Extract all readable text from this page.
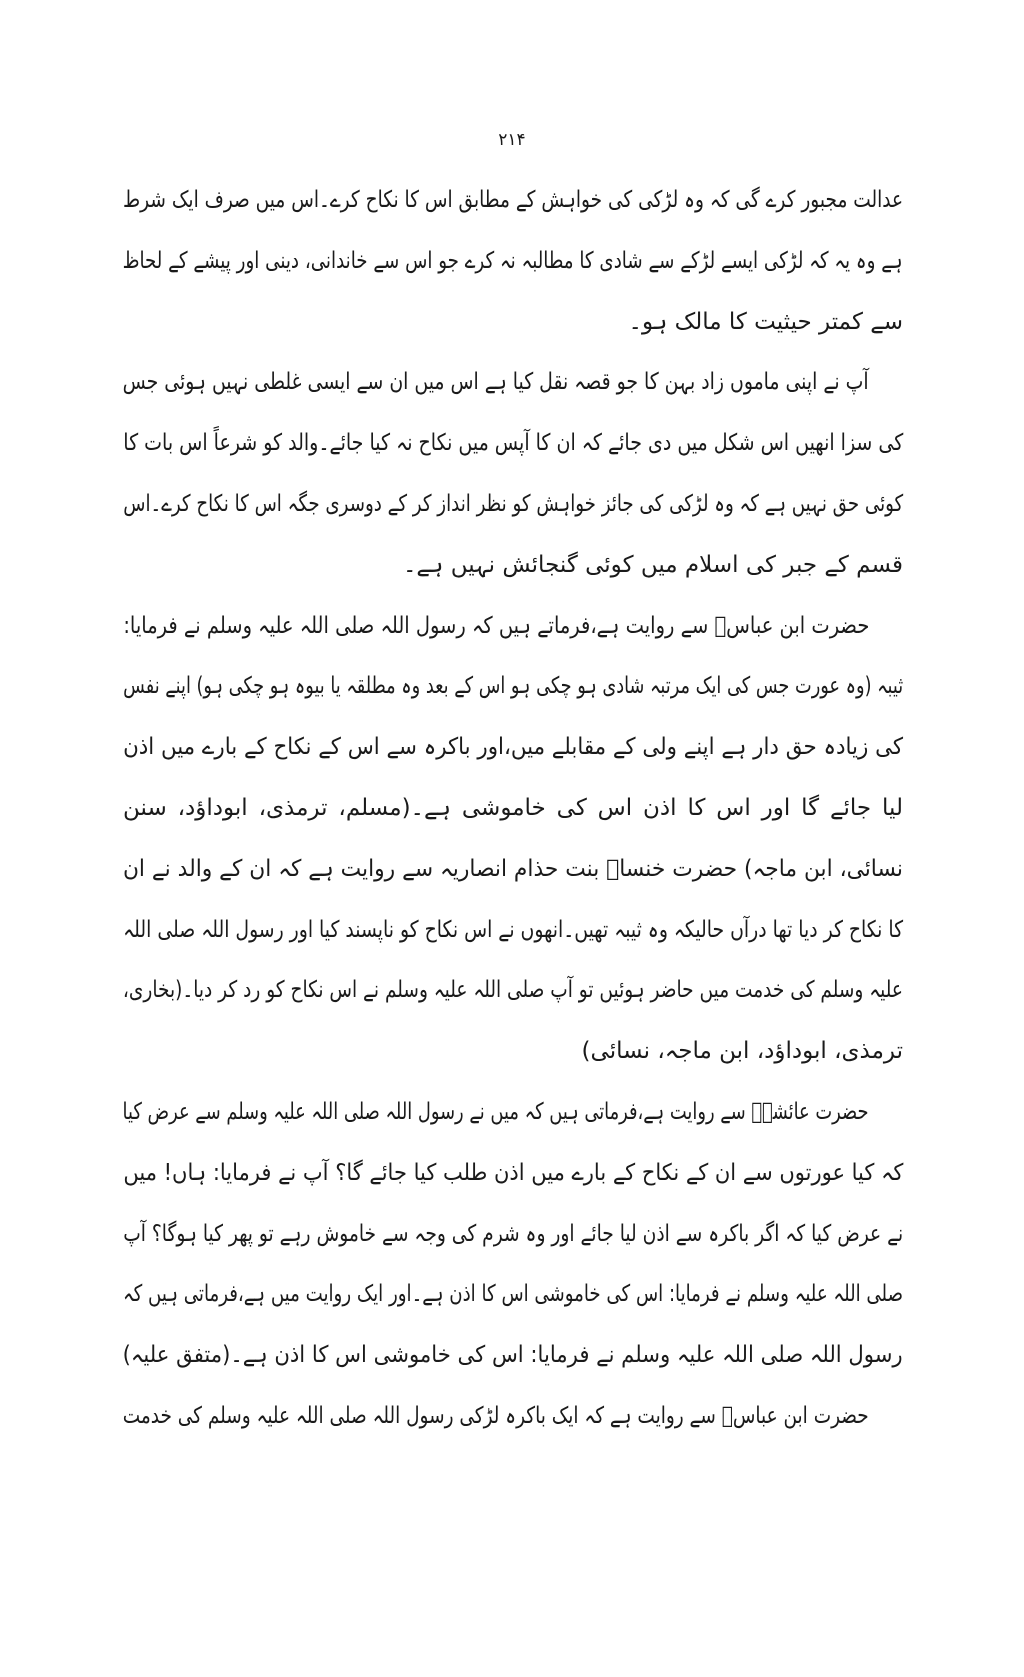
۲۱۴
عدالت مجبور کرے گی کہ وہ لڑکی کی خواہش کے مطابق اس کا نکاح کرے۔اس میں صرف ایک شرط
ہے وہ یہ کہ لڑکی ایسے لڑکے سے شادی کا مطالبہ نہ کرے جو اس سے خاندانی، دینی اور پیشے کے لحاظ
سے کمتر حیثیت کا مالک ہو۔
آپ نے اپنی ماموں زاد بہن کا جو قصہ نقل کیا ہے اس میں ان سے ایسی غلطی نہیں ہوئی جس
کی سزا انھیں اس شکل میں دی جائے کہ ان کا آپس میں نکاح نہ کیا جائے۔والد کو شرعاً اس بات کا
کوئی حق نہیں ہے کہ وہ لڑکی کی جائز خواہش کو نظر انداز کر کے دوسری جگہ اس کا نکاح کرے۔اس
قسم کے جبر کی اسلام میں کوئی گنجائش نہیں ہے۔
حضرت ابن عباسؓ سے روایت ہے،فرماتے ہیں کہ رسول اللہ صلی اللہ علیہ وسلم نے فرمایا:
ثیبہ (وہ عورت جس کی ایک مرتبہ شادی ہو چکی ہو اس کے بعد وہ مطلقہ یا بیوہ ہو چکی ہو) اپنے نفس
کی زیادہ حق دار ہے اپنے ولی کے مقابلے میں،اور باکرہ سے اس کے نکاح کے بارے میں اذن
لیا جائے گا اور اس کا اذن اس کی خاموشی ہے۔(مسلم، ترمذی، ابوداؤد، سنن
نسائی، ابن ماجہ) حضرت خنساؓ بنت حذام انصاریہ سے روایت ہے کہ ان کے والد نے ان
کا نکاح کر دیا تھا درآں حالیکہ وہ ثیبہ تھیں۔انھوں نے اس نکاح کو ناپسند کیا اور رسول اللہ صلی اللہ
علیہ وسلم کی خدمت میں حاضر ہوئیں تو آپ صلی اللہ علیہ وسلم نے اس نکاح کو رد کر دیا۔(بخاری،
ترمذی، ابوداؤد، ابن ماجہ، نسائی)
حضرت عائشہؓ سے روایت ہے،فرماتی ہیں کہ میں نے رسول اللہ صلی اللہ علیہ وسلم سے عرض کیا
کہ کیا عورتوں سے ان کے نکاح کے بارے میں اذن طلب کیا جائے گا؟ آپ نے فرمایا: ہاں! میں
نے عرض کیا کہ اگر باکرہ سے اذن لیا جائے اور وہ شرم کی وجہ سے خاموش رہے تو پھر کیا ہوگا؟ آپ
صلی اللہ علیہ وسلم نے فرمایا: اس کی خاموشی اس کا اذن ہے۔اور ایک روایت میں ہے،فرماتی ہیں کہ
رسول اللہ صلی اللہ علیہ وسلم نے فرمایا: اس کی خاموشی اس کا اذن ہے۔(متفق علیہ)
حضرت ابن عباسؓ سے روایت ہے کہ ایک باکرہ لڑکی رسول اللہ صلی اللہ علیہ وسلم کی خدمت
